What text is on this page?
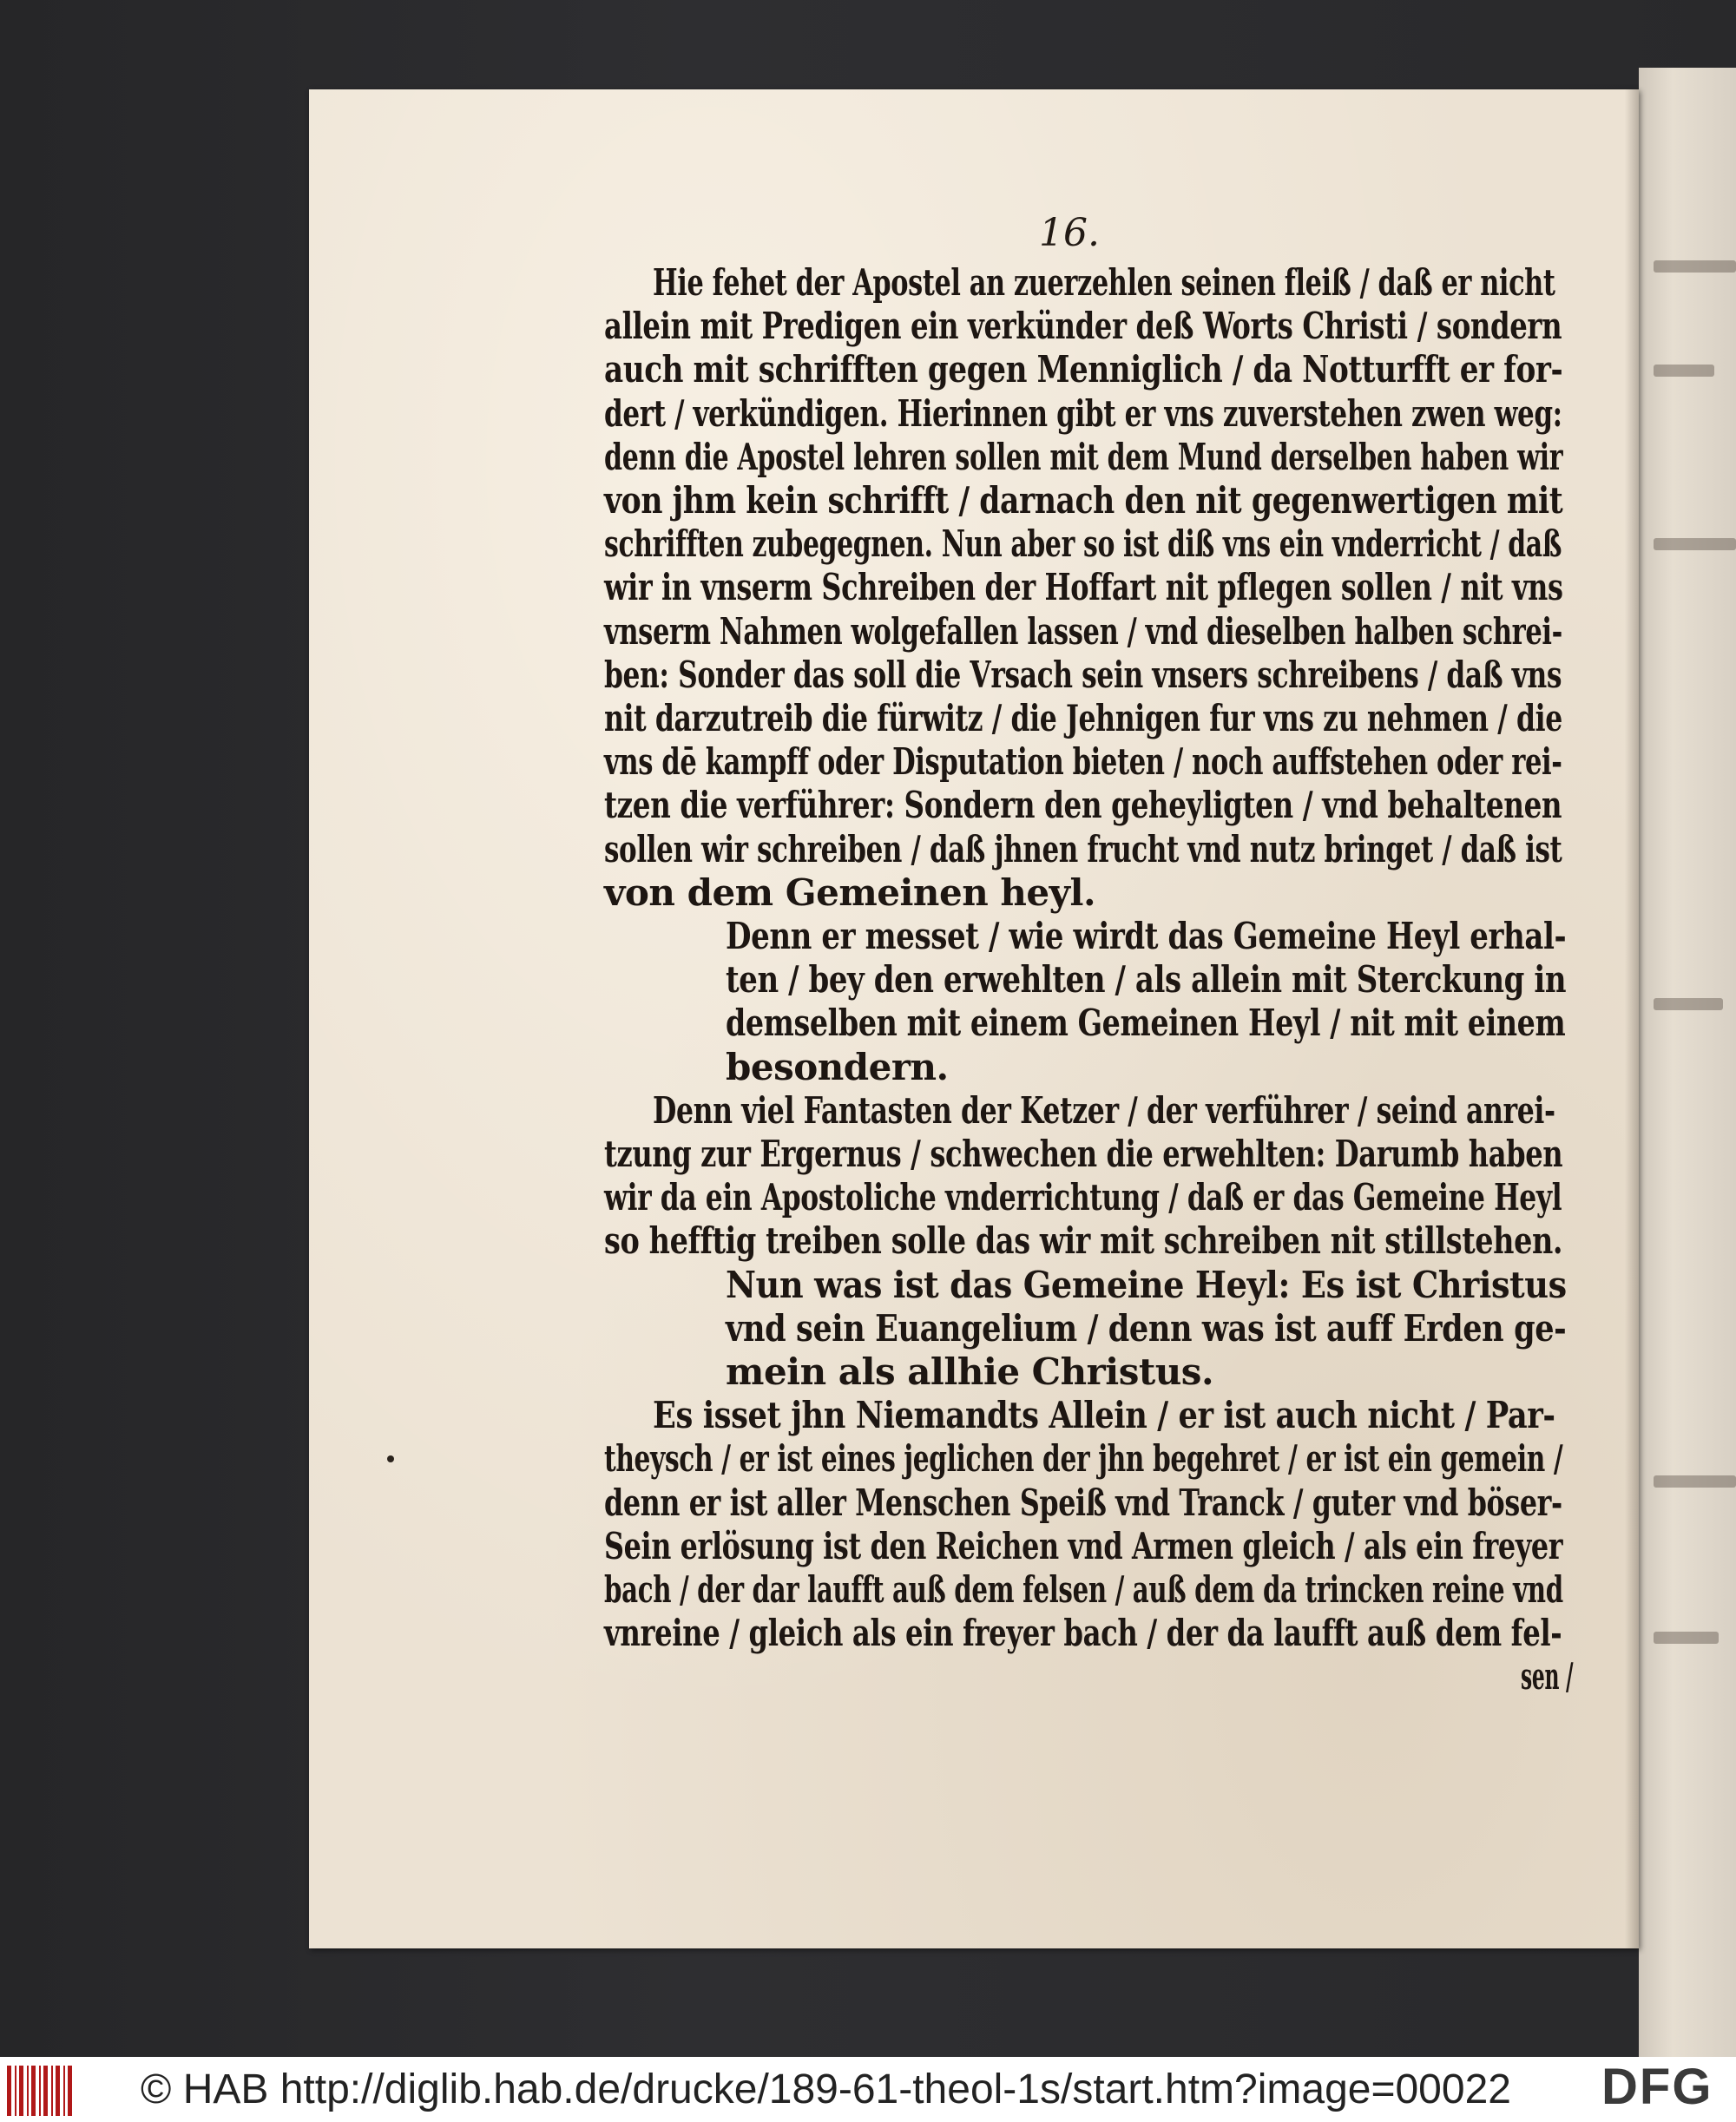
16.
Hie fehet der Apostel an zuerzehlen seinen fleiß / daß er nicht
allein mit Predigen ein verkünder deß Worts Christi / sondern
auch mit schrifften gegen Menniglich / da Notturfft er for-
dert / verkündigen. Hierinnen gibt er vns zuverstehen zwen weg:
denn die Apostel lehren sollen mit dem Mund derselben haben wir
von jhm kein schrifft / darnach den nit gegenwertigen mit
schrifften zubegegnen. Nun aber so ist diß vns ein vnderricht / daß
wir in vnserm Schreiben der Hoffart nit pflegen sollen / nit vns
vnserm Nahmen wolgefallen lassen / vnd dieselben halben schrei-
ben: Sonder das soll die Vrsach sein vnsers schreibens / daß vns
nit darzutreib die fürwitz / die Jehnigen fur vns zu nehmen / die
vns dē kampff oder Disputation bieten / noch auffstehen oder rei-
tzen die verführer: Sondern den geheyligten / vnd behaltenen
sollen wir schreiben / daß jhnen frucht vnd nutz bringet / daß ist
von dem Gemeinen heyl.
Denn er messet / wie wirdt das Gemeine Heyl erhal-
ten / bey den erwehlten / als allein mit Sterckung in
demselben mit einem Gemeinen Heyl / nit mit einem
besondern.
Denn viel Fantasten der Ketzer / der verführer / seind anrei-
tzung zur Ergernus / schwechen die erwehlten: Darumb haben
wir da ein Apostoliche vnderrichtung / daß er das Gemeine Heyl
so hefftig treiben solle das wir mit schreiben nit stillstehen.
Nun was ist das Gemeine Heyl: Es ist Christus
vnd sein Euangelium / denn was ist auff Erden ge-
mein als allhie Christus.
Es isset jhn Niemandts Allein / er ist auch nicht / Par-
theysch / er ist eines jeglichen der jhn begehret / er ist ein gemein /
denn er ist aller Menschen Speiß vnd Tranck / guter vnd böser-
Sein erlösung ist den Reichen vnd Armen gleich / als ein freyer
bach / der dar laufft auß dem felsen / auß dem da trincken reine vnd
vnreine / gleich als ein freyer bach / der da laufft auß dem fel-
sen /
© HAB http://diglib.hab.de/drucke/189-61-theol-1s/start.htm?image=00022 DFG
